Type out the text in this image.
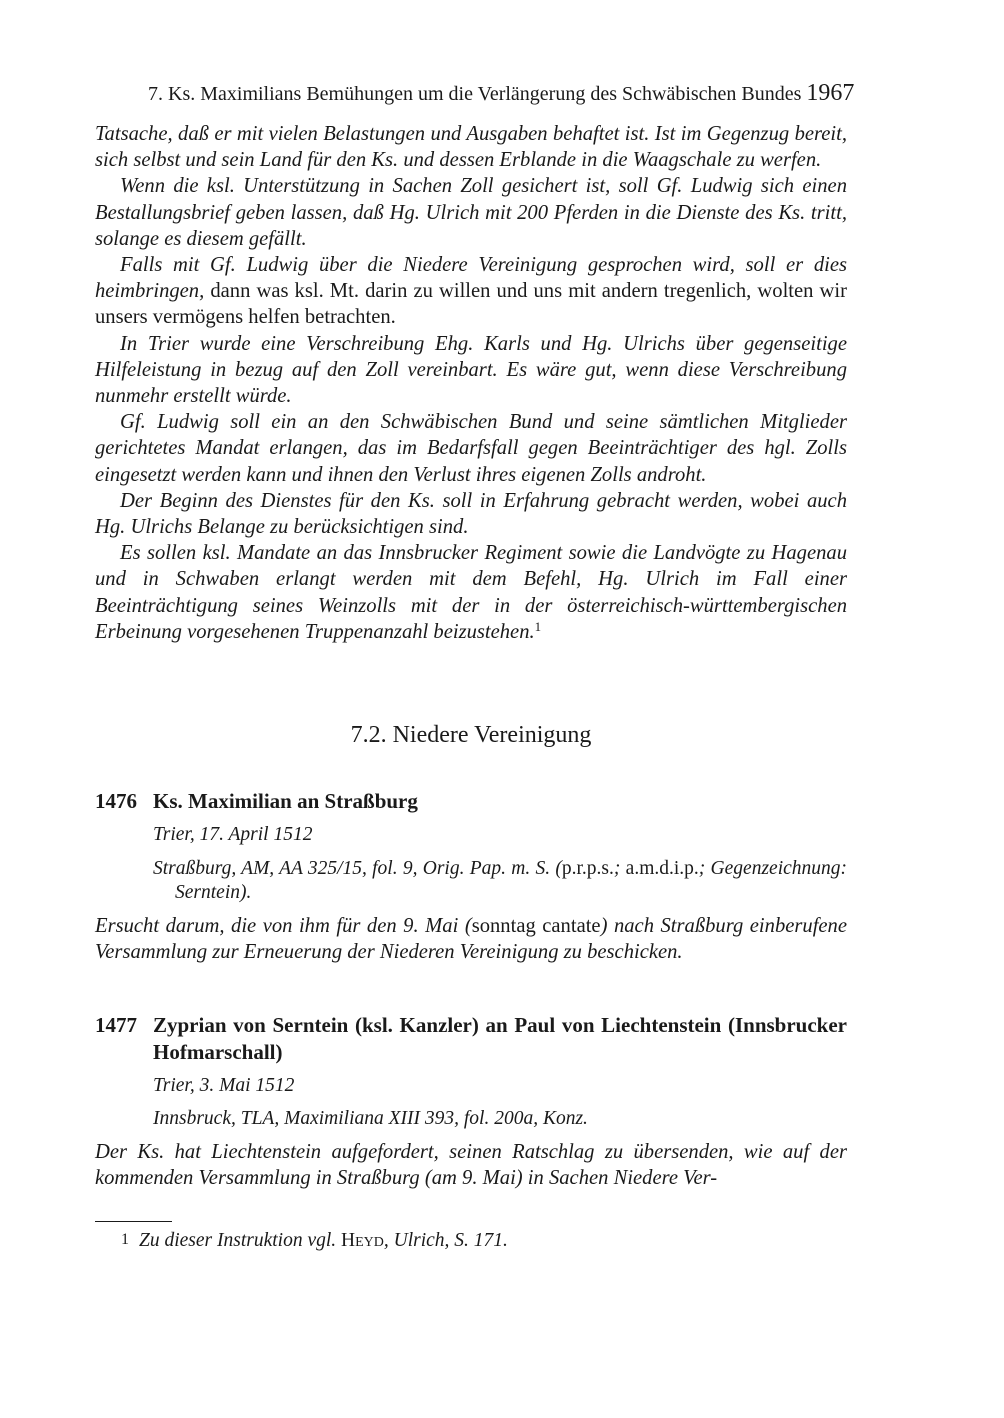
7. Ks. Maximilians Bemühungen um die Verlängerung des Schwäbischen Bundes 1967

Tatsache, daß er mit vielen Belastungen und Ausgaben behaftet ist. Ist im Gegenzug bereit, sich selbst und sein Land für den Ks. und dessen Erblande in die Waagschale zu werfen.

Wenn die ksl. Unterstützung in Sachen Zoll gesichert ist, soll Gf. Ludwig sich einen Bestallungsbrief geben lassen, daß Hg. Ulrich mit 200 Pferden in die Dienste des Ks. tritt, solange es diesem gefällt.

Falls mit Gf. Ludwig über die Niedere Vereinigung gesprochen wird, soll er dies heimbringen, dann was ksl. Mt. darin zu willen und uns mit andern tregenlich, wolten wir unsers vermögens helfen betrachten.

In Trier wurde eine Verschreibung Ehg. Karls und Hg. Ulrichs über gegenseitige Hilfeleistung in bezug auf den Zoll vereinbart. Es wäre gut, wenn diese Verschreibung nunmehr erstellt würde.

Gf. Ludwig soll ein an den Schwäbischen Bund und seine sämtlichen Mitglieder gerichtetes Mandat erlangen, das im Bedarfsfall gegen Beeinträchtiger des hgl. Zolls eingesetzt werden kann und ihnen den Verlust ihres eigenen Zolls androht.

Der Beginn des Dienstes für den Ks. soll in Erfahrung gebracht werden, wobei auch Hg. Ulrichs Belange zu berücksichtigen sind.

Es sollen ksl. Mandate an das Innsbrucker Regiment sowie die Landvögte zu Hagenau und in Schwaben erlangt werden mit dem Befehl, Hg. Ulrich im Fall einer Beeinträchtigung seines Weinzolls mit der in der österreichisch-württembergischen Erbeinung vorgesehenen Truppenanzahl beizustehen.$^1$

7.2. Niedere Vereinigung
1476 Ks. Maximilian an Straßburg
Trier, 17. April 1512
Straßburg, AM, AA 325/15, fol. 9, Orig. Pap. m. S. (p.r.p.s.; a.m.d.i.p.; Gegenzeichnung: Serntein).

Ersucht darum, die von ihm für den 9. Mai (sonntag cantate) nach Straßburg einberufene Versammlung zur Erneuerung der Niederen Vereinigung zu beschicken.

1477 Zyprian von Serntein (ksl. Kanzler) an Paul von Liechtenstein (Innsbrucker Hofmarschall)
Trier, 3. Mai 1512
Innsbruck, TLA, Maximiliana XIII 393, fol. 200a, Konz.

Der Ks. hat Liechtenstein aufgefordert, seinen Ratschlag zu übersenden, wie auf der kommenden Versammlung in Straßburg (am 9. Mai) in Sachen Niedere Ver-

1 Zu dieser Instruktion vgl. Heyd, Ulrich, S. 171.
